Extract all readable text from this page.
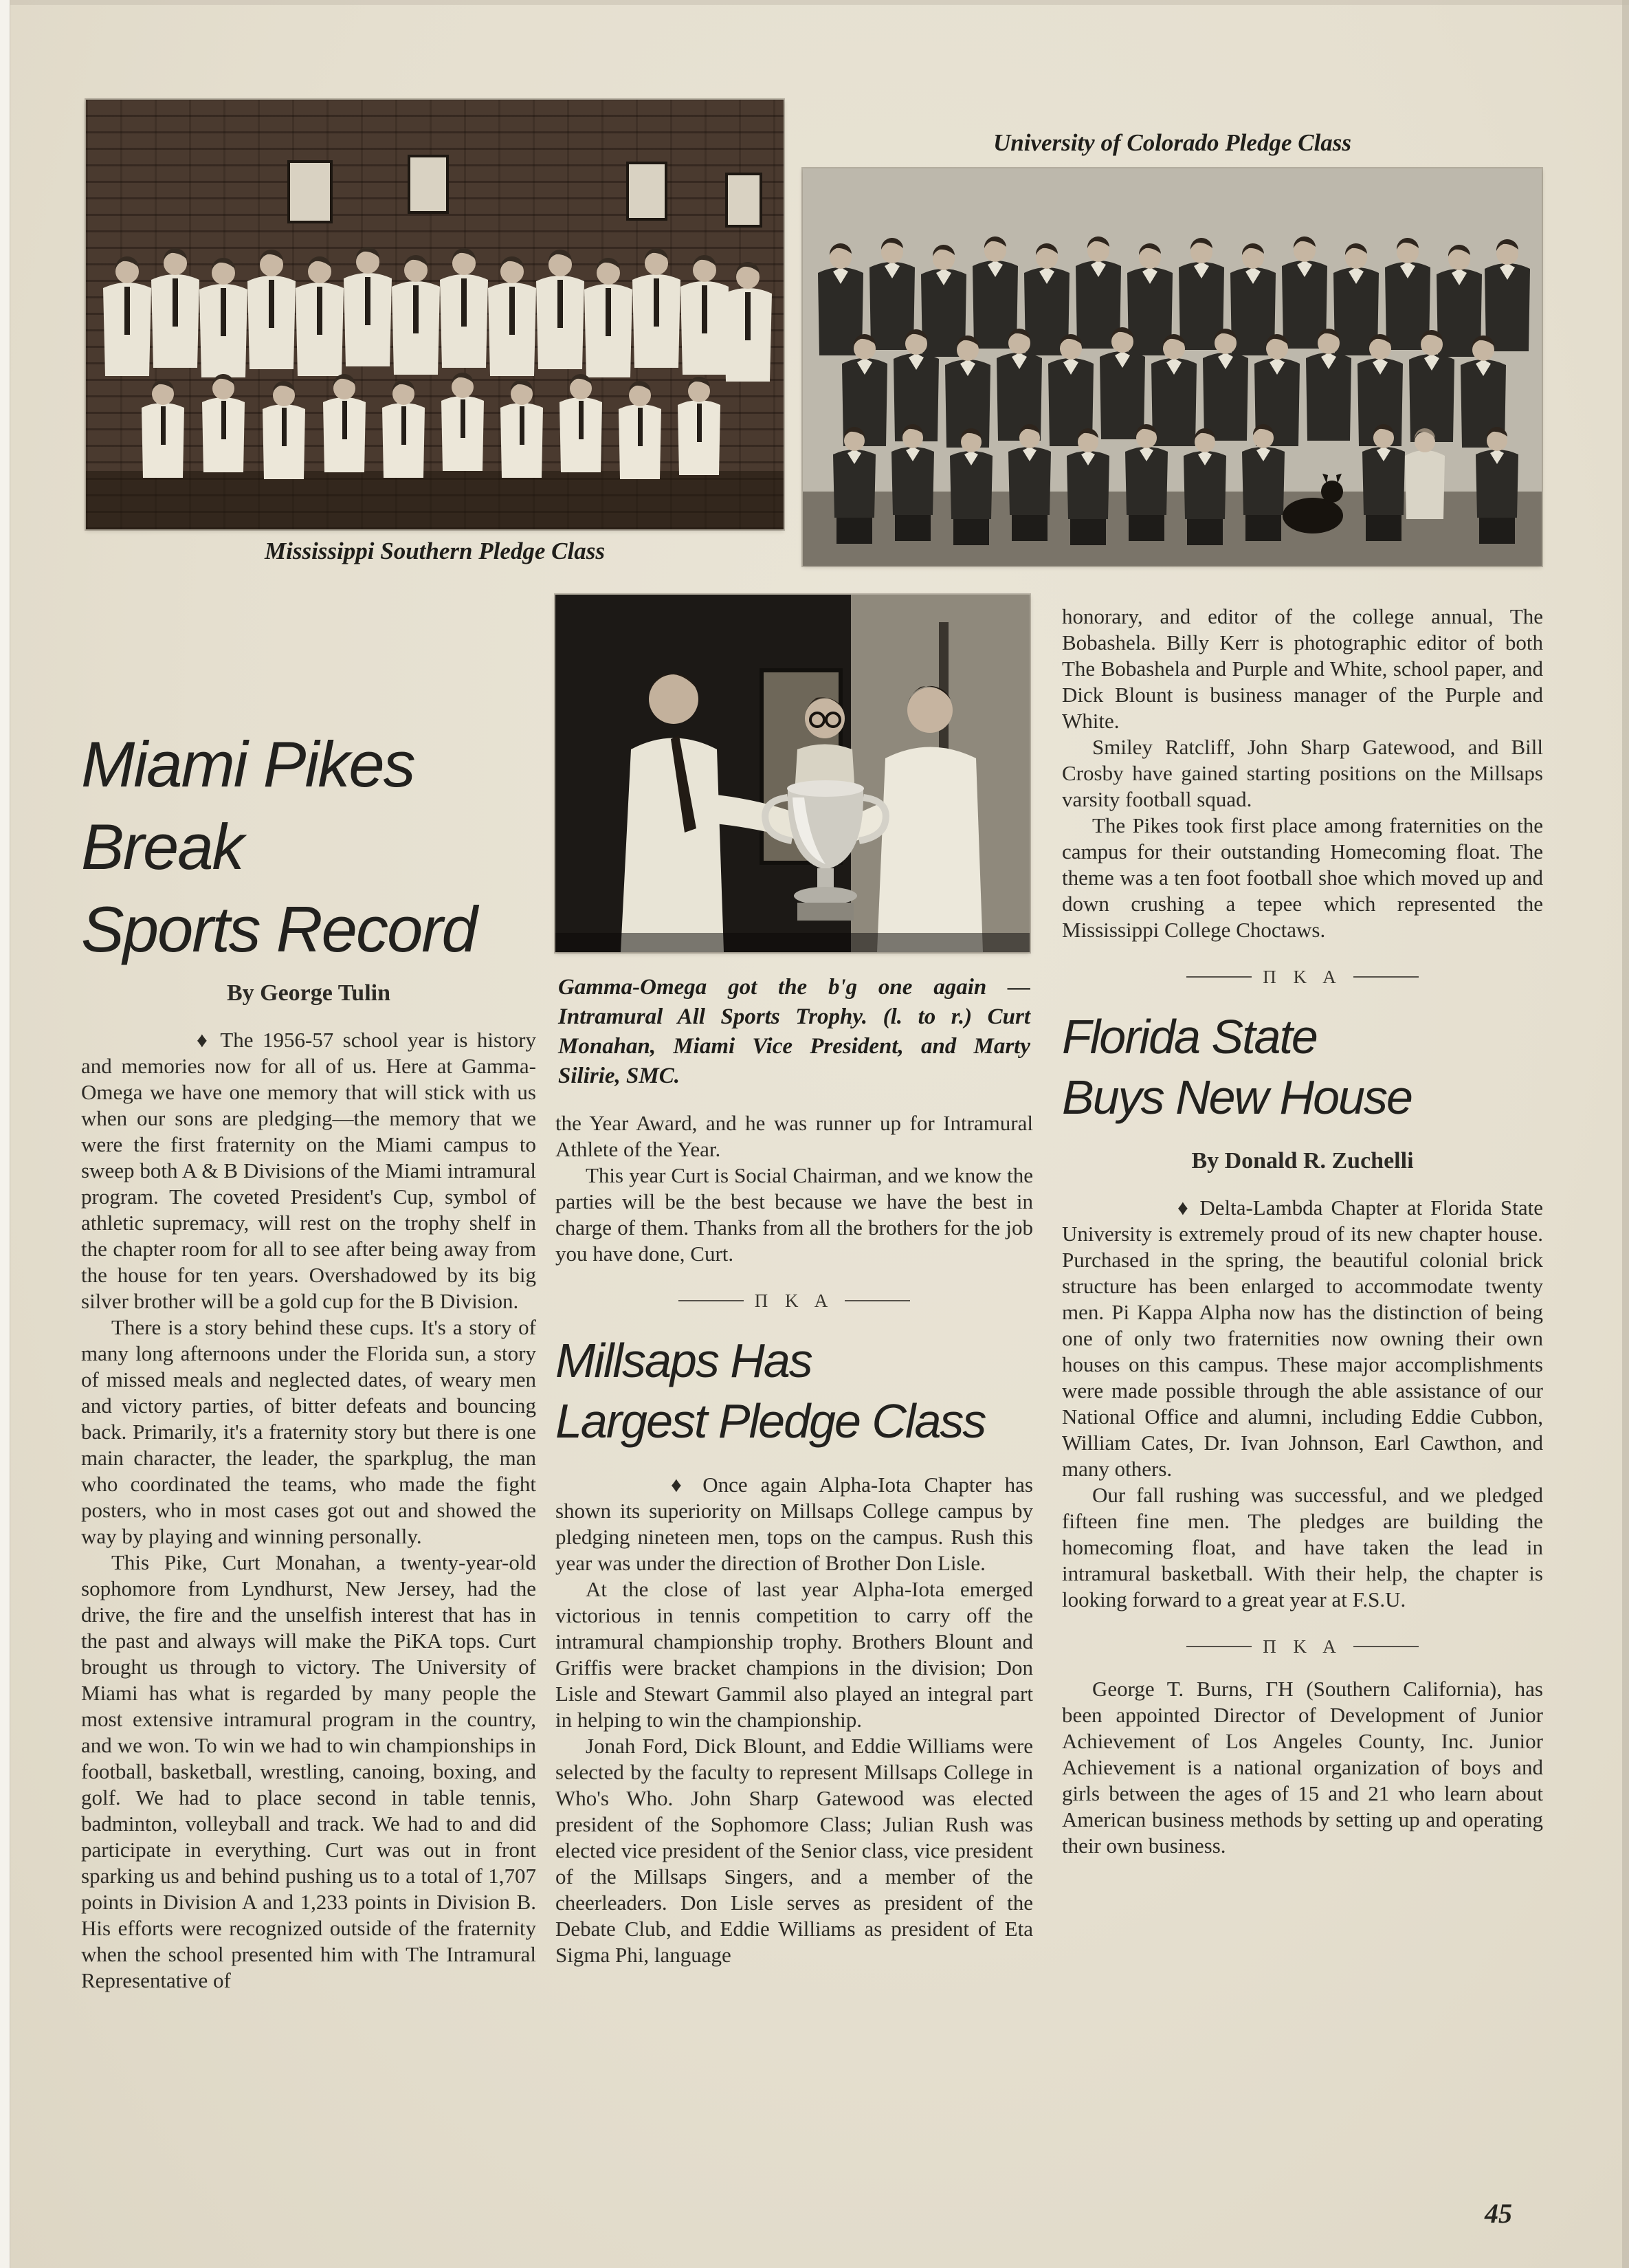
University of Colorado Pledge Class
Mississippi Southern Pledge Class
Miami Pikes Break
Sports Record
By George Tulin

♦ The 1956-57 school year is history and memories now for all of us. Here at Gamma-Omega we have one memory that will stick with us when our sons are pledging—the memory that we were the first fraternity on the Miami campus to sweep both A & B Divisions of the Miami intramural program. The coveted President's Cup, symbol of athletic supremacy, will rest on the trophy shelf in the chapter room for all to see after being away from the house for ten years. Overshadowed by its big silver brother will be a gold cup for the B Division.

There is a story behind these cups. It's a story of many long afternoons under the Florida sun, a story of missed meals and neglected dates, of weary men and victory parties, of bitter defeats and bouncing back. Primarily, it's a fraternity story but there is one main character, the leader, the sparkplug, the man who coordinated the teams, who made the fight posters, who in most cases got out and showed the way by playing and winning personally.

This Pike, Curt Monahan, a twenty-year-old sophomore from Lyndhurst, New Jersey, had the drive, the fire and the unselfish interest that has in the past and always will make the PiKA tops. Curt brought us through to victory. The University of Miami has what is regarded by many people the most extensive intramural program in the country, and we won. To win we had to win championships in football, basketball, wrestling, canoing, boxing, and golf. We had to place second in table tennis, badminton, volleyball and track. We had to and did participate in everything. Curt was out in front sparking us and behind pushing us to a total of 1,707 points in Division A and 1,233 points in Division B. His efforts were recognized outside of the fraternity when the school presented him with The Intramural Representative of

Gamma-Omega got the b'g one again —Intramural All Sports Trophy. (l. to r.) Curt Monahan, Miami Vice President, and Marty Silirie, SMC.

the Year Award, and he was runner up for Intramural Athlete of the Year.

This year Curt is Social Chairman, and we know the parties will be the best because we have the best in charge of them. Thanks from all the brothers for the job you have done, Curt.

Π K A
Millsaps Has
Largest Pledge Class

♦ Once again Alpha-Iota Chapter has shown its superiority on Millsaps College campus by pledging nineteen men, tops on the campus. Rush this year was under the direction of Brother Don Lisle.

At the close of last year Alpha-Iota emerged victorious in tennis competition to carry off the intramural championship trophy. Brothers Blount and Griffis were bracket champions in the division; Don Lisle and Stewart Gammil also played an integral part in helping to win the championship.

Jonah Ford, Dick Blount, and Eddie Williams were selected by the faculty to represent Millsaps College in Who's Who. John Sharp Gatewood was elected president of the Sophomore Class; Julian Rush was elected vice president of the Senior class, vice president of the Millsaps Singers, and a member of the cheerleaders. Don Lisle serves as president of the Debate Club, and Eddie Williams as president of Eta Sigma Phi, language

honorary, and editor of the college annual, The Bobashela. Billy Kerr is photographic editor of both The Bobashela and Purple and White, school paper, and Dick Blount is business manager of the Purple and White.

Smiley Ratcliff, John Sharp Gatewood, and Bill Crosby have gained starting positions on the Millsaps varsity football squad.

The Pikes took first place among fraternities on the campus for their outstanding Homecoming float. The theme was a ten foot football shoe which moved up and down crushing a tepee which represented the Mississippi College Choctaws.

Π K A
Florida State
Buys New House
By Donald R. Zuchelli

♦ Delta-Lambda Chapter at Florida State University is extremely proud of its new chapter house. Purchased in the spring, the beautiful colonial brick structure has been enlarged to accommodate twenty men. Pi Kappa Alpha now has the distinction of being one of only two fraternities now owning their own houses on this campus. These major accomplishments were made possible through the able assistance of our National Office and alumni, including Eddie Cubbon, William Cates, Dr. Ivan Johnson, Earl Cawthon, and many others.

Our fall rushing was successful, and we pledged fifteen fine men. The pledges are building the homecoming float, and have taken the lead in intramural basketball. With their help, the chapter is looking forward to a great year at F.S.U.

Π K A

George T. Burns, ΓH (Southern California), has been appointed Director of Development of Junior Achievement of Los Angeles County, Inc. Junior Achievement is a national organization of boys and girls between the ages of 15 and 21 who learn about American business methods by setting up and operating their own business.

45
